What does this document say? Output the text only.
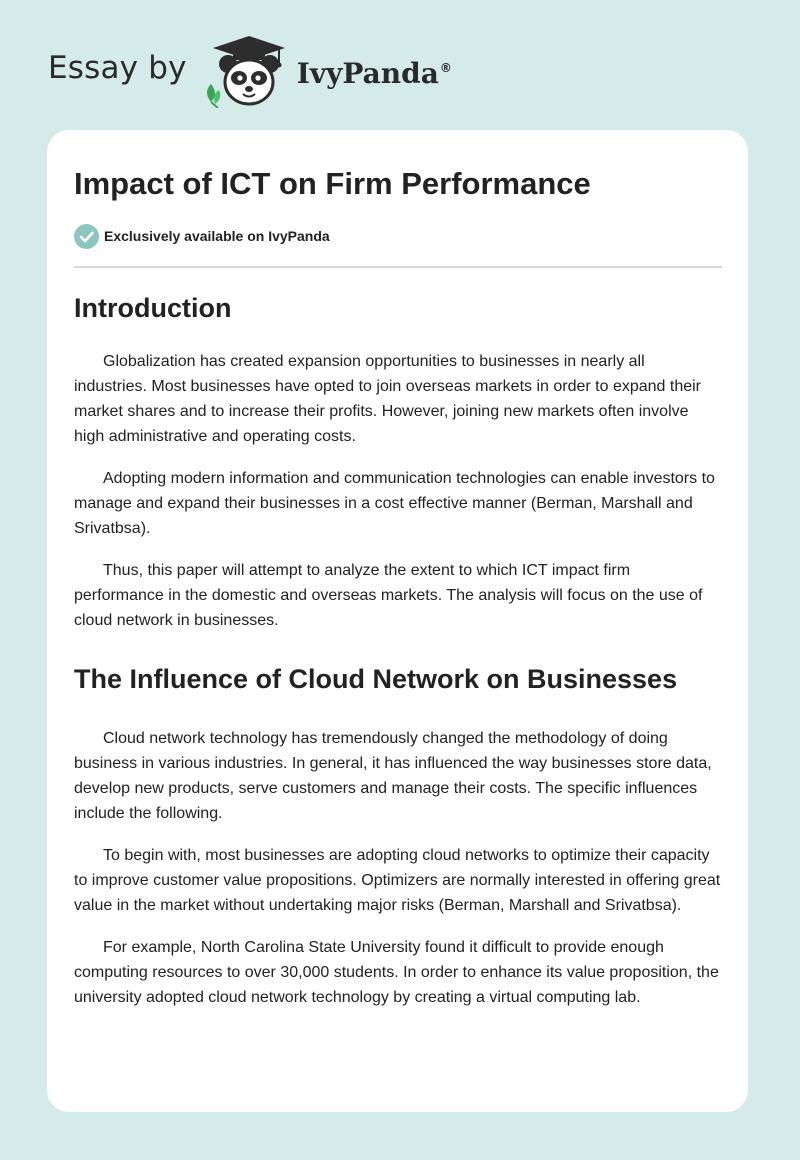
Essay by	IvyPanda®
Impact of ICT on Firm Performance
Exclusively available on IvyPanda
Introduction

Globalization has created expansion opportunities to businesses in nearly all industries. Most businesses have opted to join overseas markets in order to expand their market shares and to increase their profits. However, joining new markets often involve high administrative and operating costs.

Adopting modern information and communication technologies can enable investors to manage and expand their businesses in a cost effective manner (Berman, Marshall and Srivatbsa).

Thus, this paper will attempt to analyze the extent to which ICT impact firm performance in the domestic and overseas markets. The analysis will focus on the use of cloud network in businesses.

The Influence of Cloud Network on Businesses

Cloud network technology has tremendously changed the methodology of doing business in various industries. In general, it has influenced the way businesses store data, develop new products, serve customers and manage their costs. The specific influences include the following.

To begin with, most businesses are adopting cloud networks to optimize their capacity to improve customer value propositions. Optimizers are normally interested in offering great value in the market without undertaking major risks (Berman, Marshall and Srivatbsa).

For example, North Carolina State University found it difficult to provide enough computing resources to over 30,000 students. In order to enhance its value proposition, the university adopted cloud network technology by creating a virtual computing lab.
